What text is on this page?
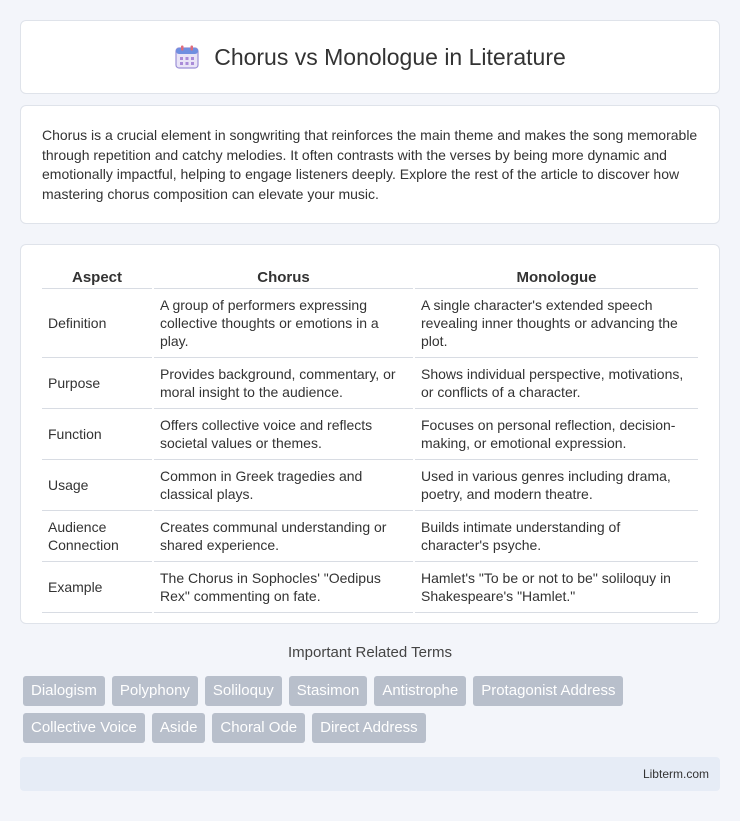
Chorus vs Monologue in Literature

Chorus is a crucial element in songwriting that reinforces the main theme and makes the song memorable through repetition and catchy melodies. It often contrasts with the verses by being more dynamic and emotionally impactful, helping to engage listeners deeply. Explore the rest of the article to discover how mastering chorus composition can elevate your music.

Aspect	Chorus	Monologue
Definition	A group of performers expressing collective thoughts or emotions in a play.	A single character's extended speech revealing inner thoughts or advancing the plot.
Purpose	Provides background, commentary, or moral insight to the audience.	Shows individual perspective, motivations, or conflicts of a character.
Function	Offers collective voice and reflects societal values or themes.	Focuses on personal reflection, decision-making, or emotional expression.
Usage	Common in Greek tragedies and classical plays.	Used in various genres including drama, poetry, and modern theatre.
Audience Connection	Creates communal understanding or shared experience.	Builds intimate understanding of character's psyche.
Example	The Chorus in Sophocles' "Oedipus Rex" commenting on fate.	Hamlet's "To be or not to be" soliloquy in Shakespeare's "Hamlet."
Important Related Terms
Dialogism	Polyphony	Soliloquy	Stasimon	Antistrophe	Protagonist Address
Collective Voice	Aside	Choral Ode	Direct Address
Libterm.com
